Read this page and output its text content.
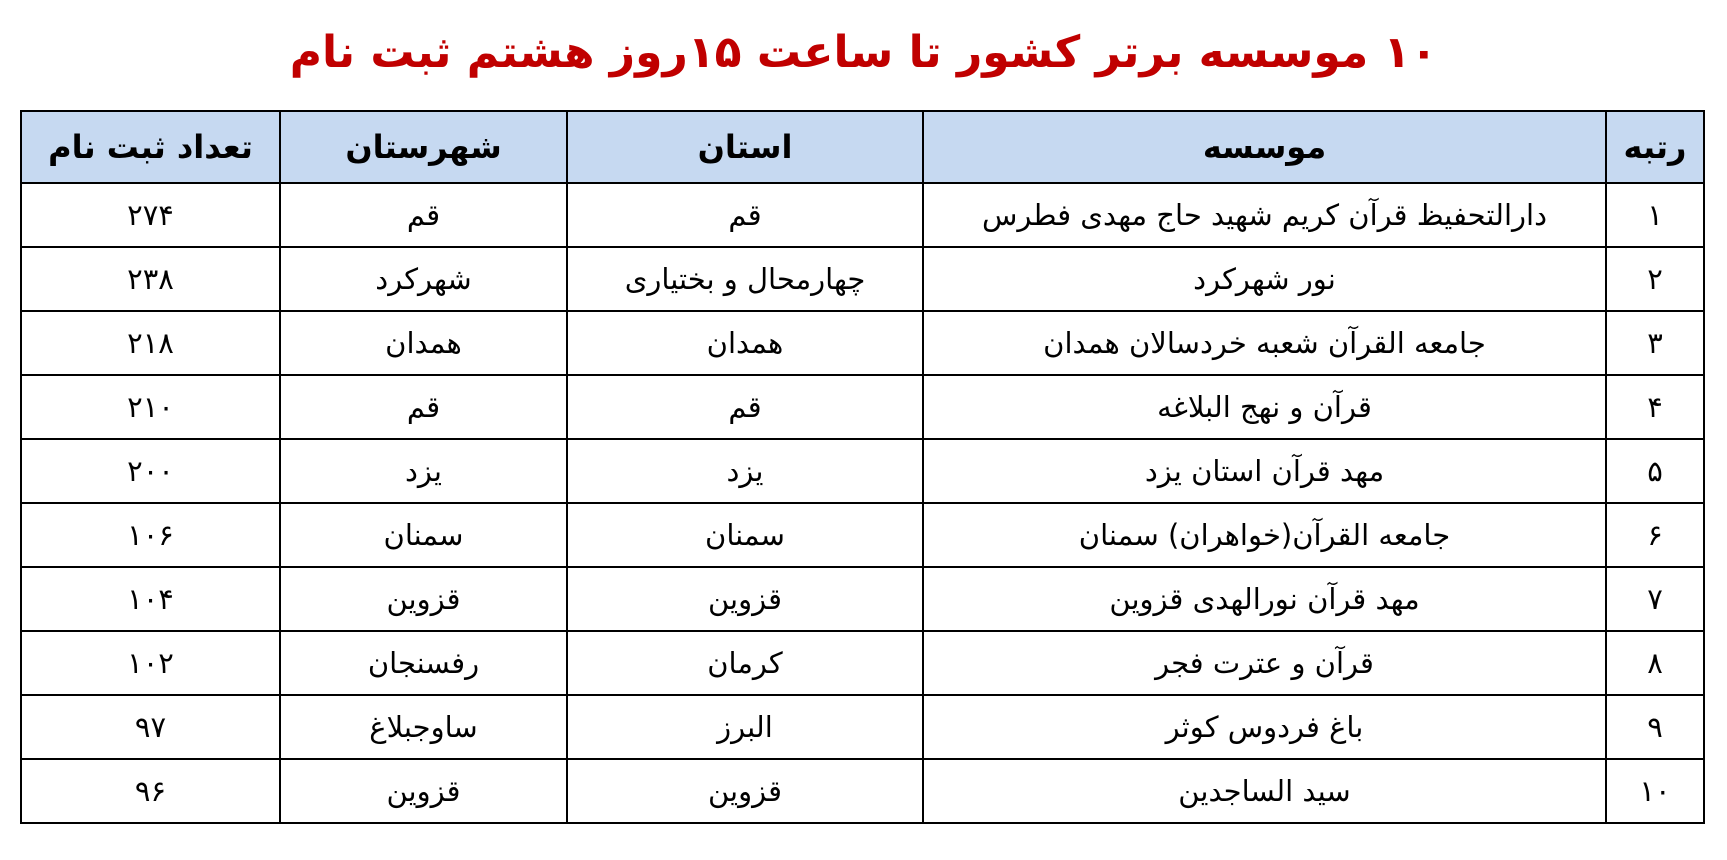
۱۰ موسسه برتر کشور تا ساعت ۱۵روز هشتم ثبت نام
رتبه	موسسه	استان	شهرستان	تعداد ثبت نام
۱	دارالتحفیظ قرآن کریم شهید حاج مهدی فطرس	قم	قم	۲۷۴
۲	نور شهرکرد	چهارمحال و بختیاری	شهرکرد	۲۳۸
۳	جامعه القرآن شعبه خردسالان همدان	همدان	همدان	۲۱۸
۴	قرآن و نهج البلاغه	قم	قم	۲۱۰
۵	مهد قرآن استان یزد	یزد	یزد	۲۰۰
۶	جامعه القرآن(خواهران) سمنان	سمنان	سمنان	۱۰۶
۷	مهد قرآن نورالهدی قزوین	قزوین	قزوین	۱۰۴
۸	قرآن و عترت فجر	کرمان	رفسنجان	۱۰۲
۹	باغ فردوس کوثر	البرز	ساوجبلاغ	۹۷
۱۰	سید الساجدین	قزوین	قزوین	۹۶
